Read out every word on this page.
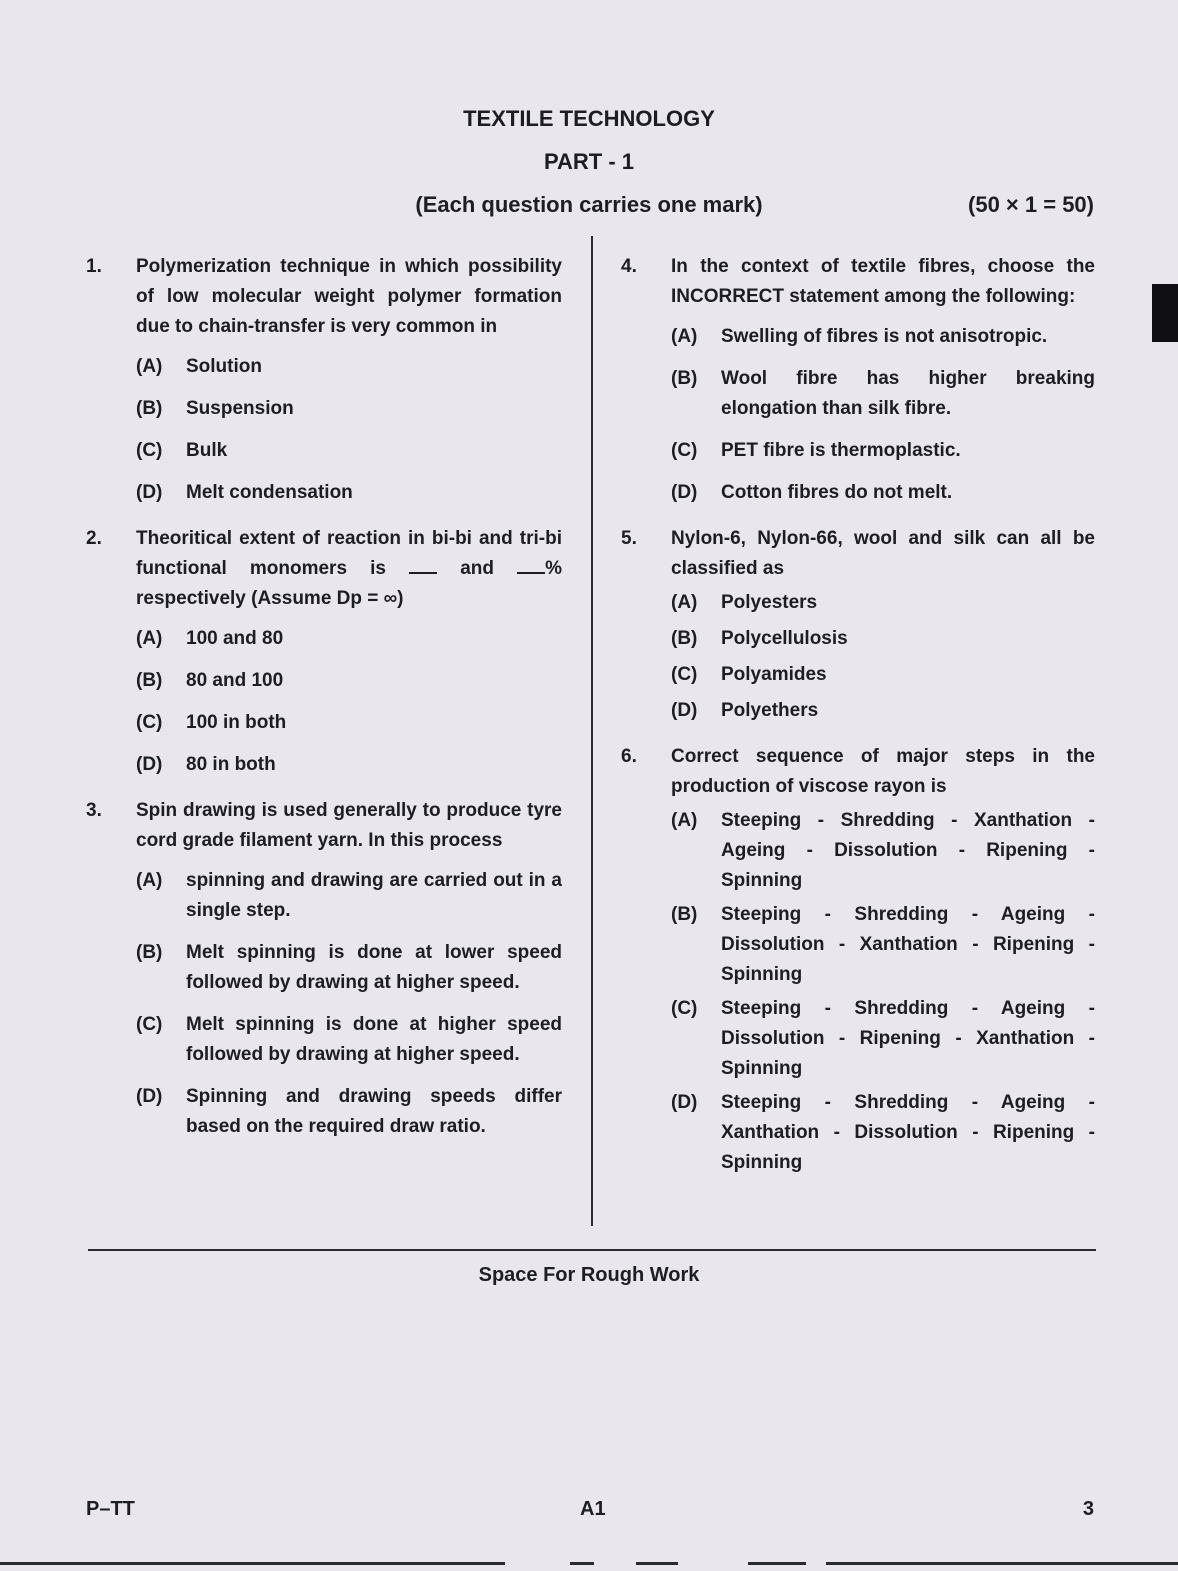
TEXTILE TECHNOLOGY
PART - 1
(Each question carries one mark)	(50 × 1 = 50)
1. Polymerization technique in which possibility of low molecular weight polymer formation due to chain-transfer is very common in
(A) Solution
(B) Suspension
(C) Bulk
(D) Melt condensation
2. Theoritical extent of reaction in bi-bi and tri-bi functional monomers is	and	% respectively (Assume Dp = ∞)
(A) 100 and 80
(B) 80 and 100
(C) 100 in both
(D) 80 in both
3. Spin drawing is used generally to produce tyre cord grade filament yarn. In this process
(A) spinning and drawing are carried out in a single step.
(B) Melt spinning is done at lower speed followed by drawing at higher speed.
(C) Melt spinning is done at higher speed followed by drawing at higher speed.
(D) Spinning and drawing speeds differ based on the required draw ratio.
4. In the context of textile fibres, choose the INCORRECT statement among the following:
(A) Swelling of fibres is not anisotropic.
(B) Wool fibre has higher breaking elongation than silk fibre.
(C) PET fibre is thermoplastic.
(D) Cotton fibres do not melt.
5. Nylon-6, Nylon-66, wool and silk can all be classified as
(A) Polyesters
(B) Polycellulosis
(C) Polyamides
(D) Polyethers
6. Correct sequence of major steps in the production of viscose rayon is
(A) Steeping - Shredding - Xanthation - Ageing - Dissolution - Ripening - Spinning
(B) Steeping - Shredding - Ageing - Dissolution - Xanthation - Ripening - Spinning
(C) Steeping - Shredding - Ageing - Dissolution - Ripening - Xanthation - Spinning
(D) Steeping - Shredding - Ageing - Xanthation - Dissolution - Ripening - Spinning
Space For Rough Work
P–TT	A1	3
